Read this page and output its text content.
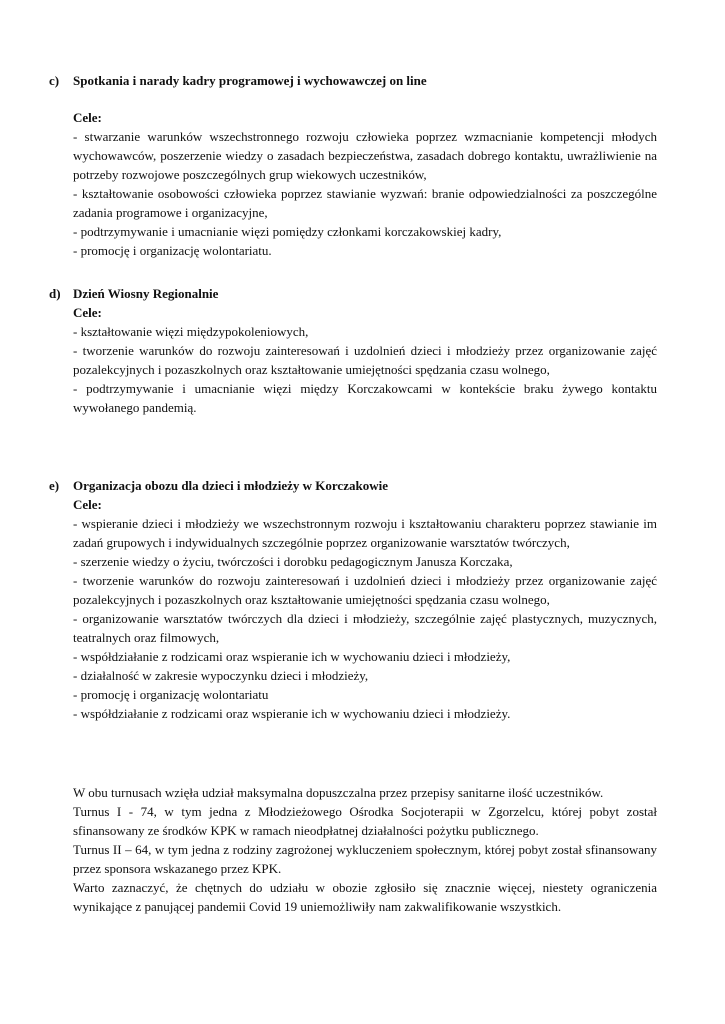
c)	Spotkania i narady kadry programowej i wychowawczej on line
Cele:
- stwarzanie warunków wszechstronnego rozwoju człowieka poprzez wzmacnianie kompetencji młodych wychowawców, poszerzenie wiedzy o zasadach bezpieczeństwa, zasadach dobrego kontaktu, uwrażliwienie na potrzeby rozwojowe poszczególnych grup wiekowych uczestników,
- kształtowanie osobowości człowieka poprzez stawianie wyzwań: branie odpowiedzialności za poszczególne zadania programowe i organizacyjne,
- podtrzymywanie i umacnianie więzi pomiędzy członkami korczakowskiej kadry,
- promocję i organizację wolontariatu.
d) Dzień Wiosny Regionalnie
Cele:
- kształtowanie więzi międzypokoleniowych,
- tworzenie warunków do rozwoju zainteresowań i uzdolnień dzieci i młodzieży przez organizowanie zajęć pozalekcyjnych i pozaszkolnych oraz kształtowanie umiejętności spędzania czasu wolnego,
- podtrzymywanie i umacnianie więzi między Korczakowcami w kontekście braku żywego kontaktu wywołanego pandemią.
e)	Organizacja obozu dla dzieci i młodzieży w Korczakowie
Cele:
- wspieranie dzieci i młodzieży we wszechstronnym rozwoju i kształtowaniu charakteru poprzez stawianie im zadań grupowych i indywidualnych szczególnie poprzez organizowanie warsztatów twórczych,
- szerzenie wiedzy o życiu, twórczości i dorobku pedagogicznym Janusza Korczaka,
- tworzenie warunków do rozwoju zainteresowań i uzdolnień dzieci i młodzieży przez organizowanie zajęć pozalekcyjnych i pozaszkolnych oraz kształtowanie umiejętności spędzania czasu wolnego,
- organizowanie warsztatów twórczych dla dzieci i młodzieży, szczególnie zajęć plastycznych, muzycznych, teatralnych oraz filmowych,
- współdziałanie z rodzicami oraz wspieranie ich w wychowaniu dzieci i młodzieży,
- działalność w zakresie wypoczynku dzieci i młodzieży,
- promocję i organizację wolontariatu
- współdziałanie z rodzicami oraz wspieranie ich w wychowaniu dzieci i młodzieży.
W obu turnusach wzięła udział maksymalna dopuszczalna przez przepisy sanitarne ilość uczestników.
Turnus I - 74, w tym jedna z Młodzieżowego Ośrodka Socjoterapii w Zgorzelcu, której pobyt został sfinansowany ze środków KPK w ramach nieodpłatnej działalności pożytku publicznego.
Turnus II – 64, w tym jedna z rodziny zagrożonej wykluczeniem społecznym, której pobyt został sfinansowany przez sponsora wskazanego przez KPK.
Warto zaznaczyć, że chętnych do udziału w obozie zgłosiło się znacznie więcej, niestety ograniczenia wynikające z panującej pandemii Covid 19 uniemożliwiły nam zakwalifikowanie wszystkich.
